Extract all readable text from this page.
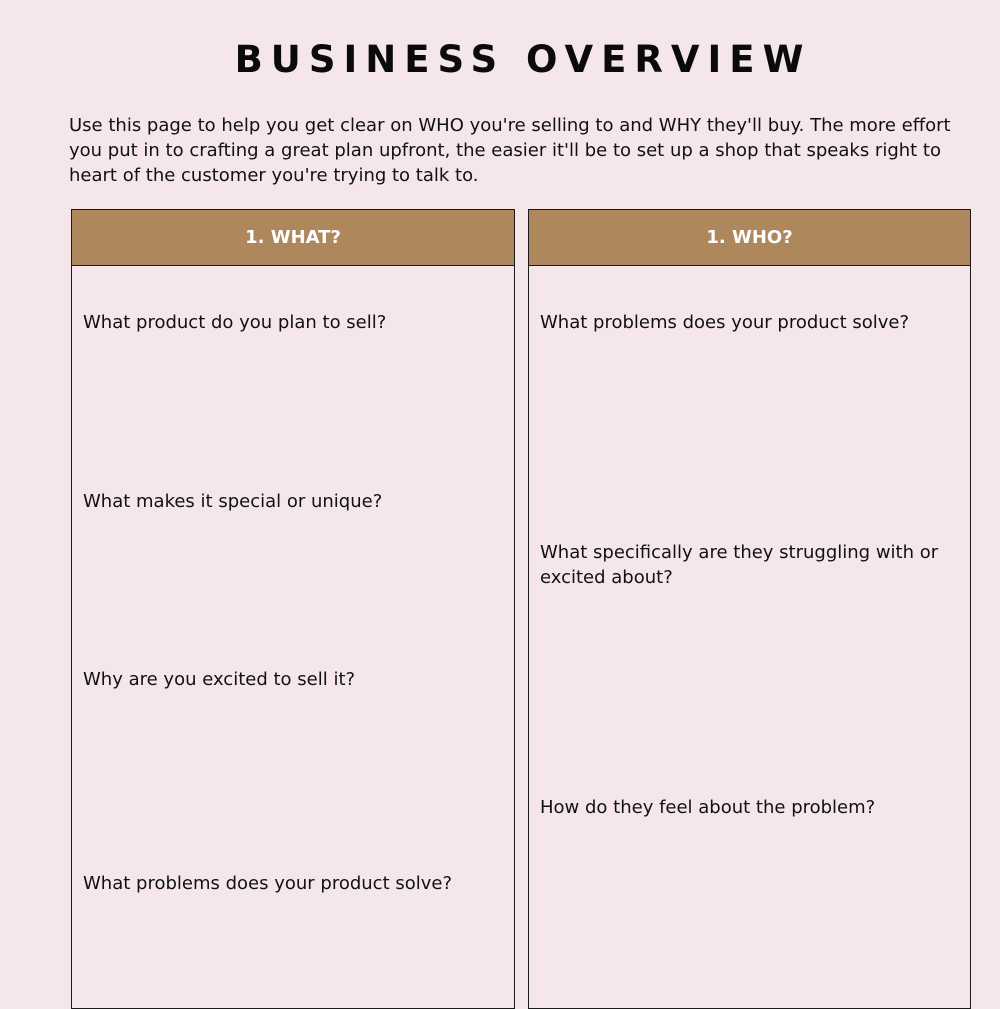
BUSINESS OVERVIEW

Use this page to help you get clear on WHO you're selling to and WHY they'll buy. The more effort you put in to crafting a great plan upfront, the easier it'll be to set up a shop that speaks right to heart of the customer you're trying to talk to.

1. WHAT?

What product do you plan to sell?

What makes it special or unique?

Why are you excited to sell it?

What problems does your product solve?

1. WHO?

What problems does your product solve?

What specifically are they struggling with or excited about?

How do they feel about the problem?
